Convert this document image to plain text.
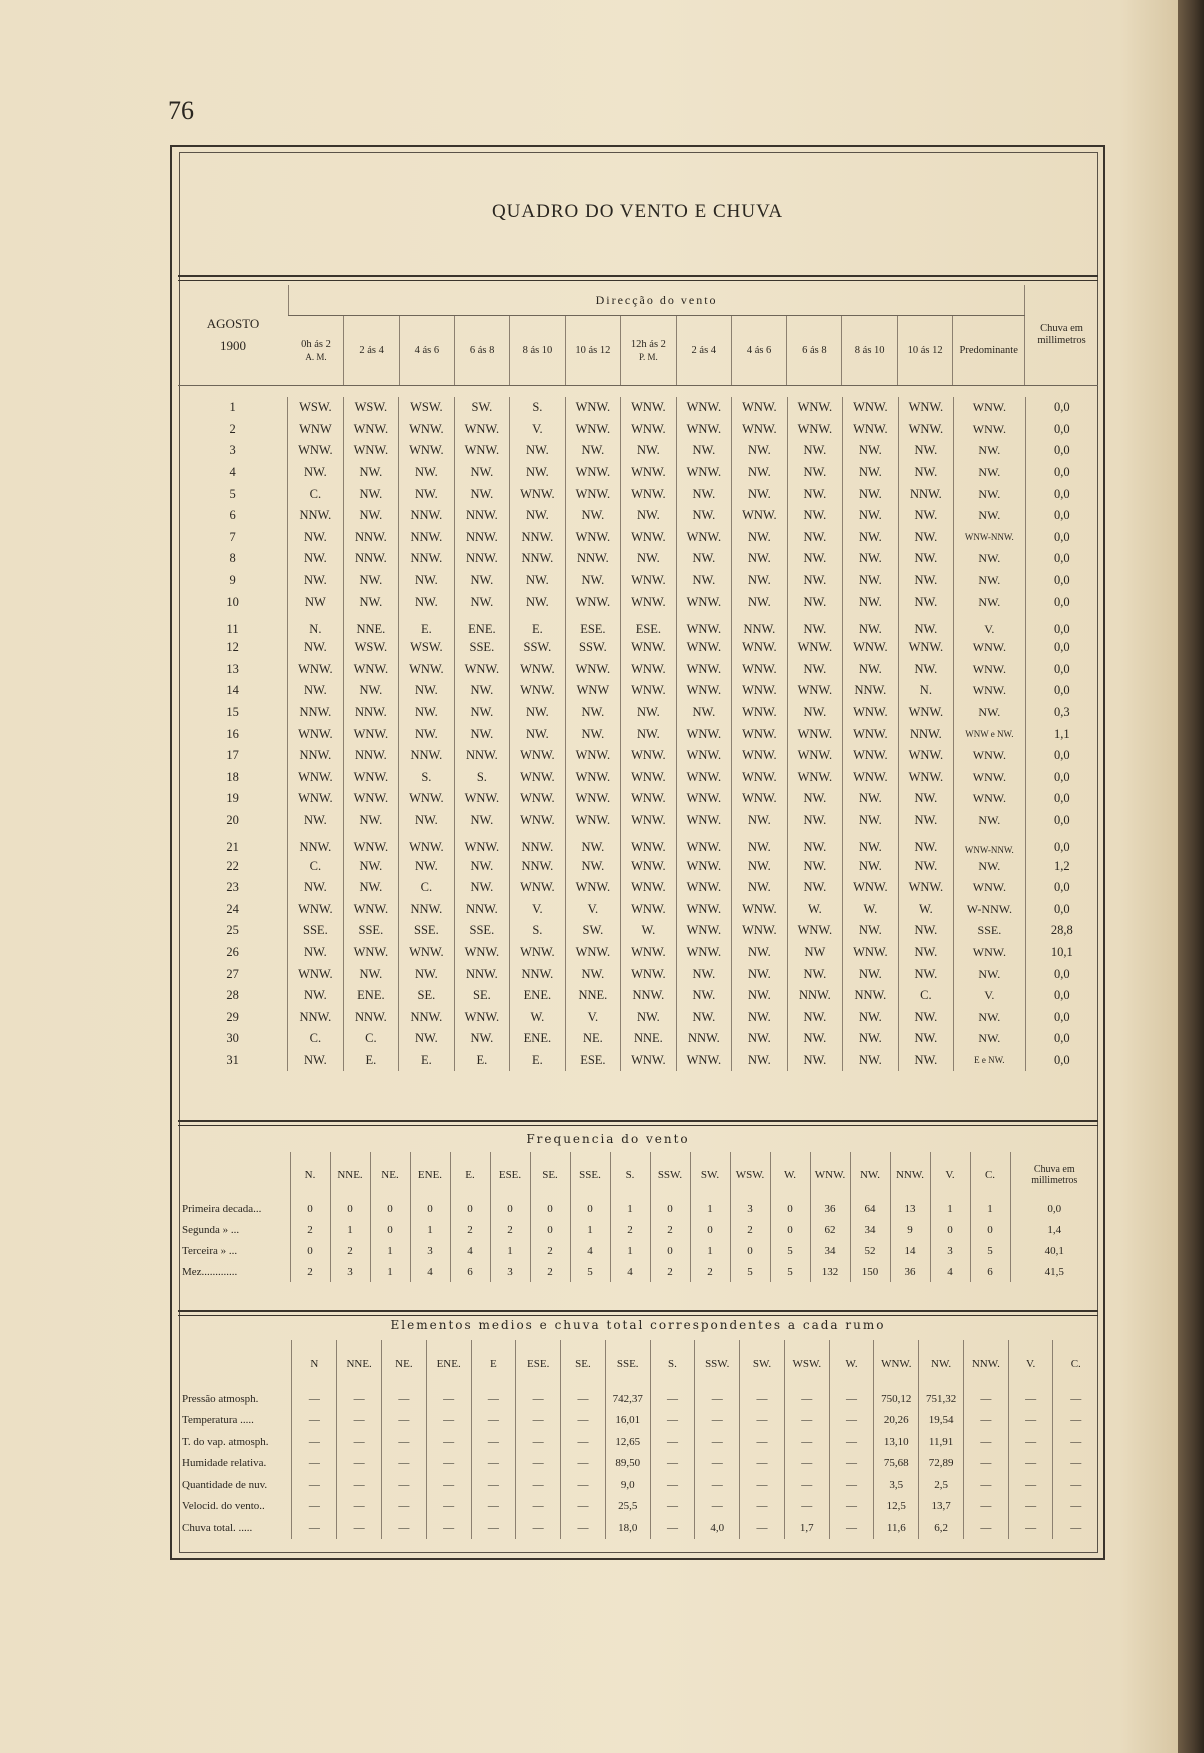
76
QUADRO DO VENTO E CHUVA
AGOSTO
1900	Direcção do vento													Chuva em millimetros
	0h ás 2
A. M.	2 ás 4	4 ás 6	6 ás 8	8 ás 10	10 ás 12	12h ás 2
P. M.	2 ás 4	4 ás 6	6 ás 8	8 ás 10	10 ás 12	Predominante	
1	WSW.	WSW.	WSW.	SW.	S.	WNW.	WNW.	WNW.	WNW.	WNW.	WNW.	WNW.	WNW.	0,0
2	WNW	WNW.	WNW.	WNW.	V.	WNW.	WNW.	WNW.	WNW.	WNW.	WNW.	WNW.	WNW.	0,0
3	WNW.	WNW.	WNW.	WNW.	NW.	NW.	NW.	NW.	NW.	NW.	NW.	NW.	NW.	0,0
4	NW.	NW.	NW.	NW.	NW.	WNW.	WNW.	WNW.	NW.	NW.	NW.	NW.	NW.	0,0
5	C.	NW.	NW.	NW.	WNW.	WNW.	WNW.	NW.	NW.	NW.	NW.	NNW.	NW.	0,0
6	NNW.	NW.	NNW.	NNW.	NW.	NW.	NW.	NW.	WNW.	NW.	NW.	NW.	NW.	0,0
7	NW.	NNW.	NNW.	NNW.	NNW.	WNW.	WNW.	WNW.	NW.	NW.	NW.	NW.	WNW-NNW.	0,0
8	NW.	NNW.	NNW.	NNW.	NNW.	NNW.	NW.	NW.	NW.	NW.	NW.	NW.	NW.	0,0
9	NW.	NW.	NW.	NW.	NW.	NW.	WNW.	NW.	NW.	NW.	NW.	NW.	NW.	0,0
10	NW	NW.	NW.	NW.	NW.	WNW.	WNW.	WNW.	NW.	NW.	NW.	NW.	NW.	0,0
11	N.	NNE.	E.	ENE.	E.	ESE.	ESE.	WNW.	NNW.	NW.	NW.	NW.	V.	0,0
12	NW.	WSW.	WSW.	SSE.	SSW.	SSW.	WNW.	WNW.	WNW.	WNW.	WNW.	WNW.	WNW.	0,0
13	WNW.	WNW.	WNW.	WNW.	WNW.	WNW.	WNW.	WNW.	WNW.	NW.	NW.	NW.	WNW.	0,0
14	NW.	NW.	NW.	NW.	WNW.	WNW	WNW.	WNW.	WNW.	WNW.	NNW.	N.	WNW.	0,0
15	NNW.	NNW.	NW.	NW.	NW.	NW.	NW.	NW.	WNW.	NW.	WNW.	WNW.	NW.	0,3
16	WNW.	WNW.	NW.	NW.	NW.	NW.	NW.	WNW.	WNW.	WNW.	WNW.	NNW.	WNW e NW.	1,1
17	NNW.	NNW.	NNW.	NNW.	WNW.	WNW.	WNW.	WNW.	WNW.	WNW.	WNW.	WNW.	WNW.	0,0
18	WNW.	WNW.	S.	S.	WNW.	WNW.	WNW.	WNW.	WNW.	WNW.	WNW.	WNW.	WNW.	0,0
19	WNW.	WNW.	WNW.	WNW.	WNW.	WNW.	WNW.	WNW.	WNW.	NW.	NW.	NW.	WNW.	0,0
20	NW.	NW.	NW.	NW.	WNW.	WNW.	WNW.	WNW.	NW.	NW.	NW.	NW.	NW.	0,0
21	NNW.	WNW.	WNW.	WNW.	NNW.	NW.	WNW.	WNW.	NW.	NW.	NW.	NW.	WNW-NNW.	0,0
22	C.	NW.	NW.	NW.	NNW.	NW.	WNW.	WNW.	NW.	NW.	NW.	NW.	NW.	1,2
23	NW.	NW.	C.	NW.	WNW.	WNW.	WNW.	WNW.	NW.	NW.	WNW.	WNW.	WNW.	0,0
24	WNW.	WNW.	NNW.	NNW.	V.	V.	WNW.	WNW.	WNW.	W.	W.	W.	W-NNW.	0,0
25	SSE.	SSE.	SSE.	SSE.	S.	SW.	W.	WNW.	WNW.	WNW.	NW.	NW.	SSE.	28,8
26	NW.	WNW.	WNW.	WNW.	WNW.	WNW.	WNW.	WNW.	NW.	NW	WNW.	NW.	WNW.	10,1
27	WNW.	NW.	NW.	NNW.	NNW.	NW.	WNW.	NW.	NW.	NW.	NW.	NW.	NW.	0,0
28	NW.	ENE.	SE.	SE.	ENE.	NNE.	NNW.	NW.	NW.	NNW.	NNW.	C.	V.	0,0
29	NNW.	NNW.	NNW.	WNW.	W.	V.	NW.	NW.	NW.	NW.	NW.	NW.	NW.	0,0
30	C.	C.	NW.	NW.	ENE.	NE.	NNE.	NNW.	NW.	NW.	NW.	NW.	NW.	0,0
31	NW.	E.	E.	E.	E.	ESE.	WNW.	WNW.	NW.	NW.	NW.	NW.	E e NW.	0,0
Frequencia do vento
	N.	NNE.	NE.	ENE.	E.	ESE.	SE.	SSE.	S.	SSW.	SW.	WSW.	W.	WNW.	NW.	NNW.	V.	C.	Chuva em millimetros
Primeira decada...	0	0	0	0	0	0	0	0	1	0	1	3	0	36	64	13	1	1	0,0
Segunda » ...	2	1	0	1	2	2	0	1	2	2	0	2	0	62	34	9	0	0	1,4
Terceira » ...	0	2	1	3	4	1	2	4	1	0	1	0	5	34	52	14	3	5	40,1
Mez.............	2	3	1	4	6	3	2	5	4	2	2	5	5	132	150	36	4	6	41,5
Elementos medios e chuva total correspondentes a cada rumo
	N	NNE.	NE.	ENE.	E	ESE.	SE.	SSE.	S.	SSW.	SW.	WSW.	W.	WNW.	NW.	NNW.	V.	C.
Pressão atmosph.	—	—	—	—	—	—	—	742,37	—	—	—	—	—	750,12	751,32	—	—	—
Temperatura .....	—	—	—	—	—	—	—	16,01	—	—	—	—	—	20,26	19,54	—	—	—
T. do vap. atmosph.	—	—	—	—	—	—	—	12,65	—	—	—	—	—	13,10	11,91	—	—	—
Humidade relativa.	—	—	—	—	—	—	—	89,50	—	—	—	—	—	75,68	72,89	—	—	—
Quantidade de nuv.	—	—	—	—	—	—	—	9,0	—	—	—	—	—	3,5	2,5	—	—	—
Velocid. do vento..	—	—	—	—	—	—	—	25,5	—	—	—	—	—	12,5	13,7	—	—	—
Chuva total. .....	—	—	—	—	—	—	—	18,0	—	4,0	—	1,7	—	11,6	6,2	—	—	—
